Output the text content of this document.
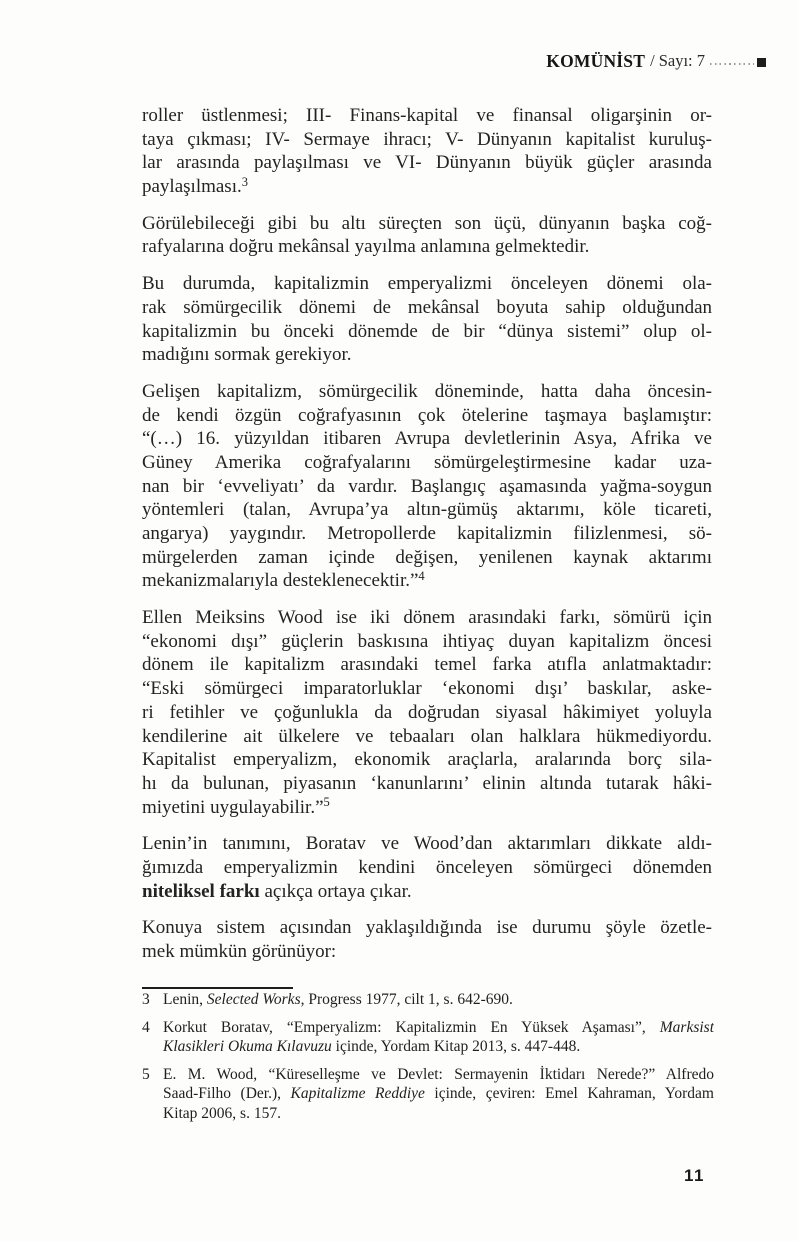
KOMÜNİST / Sayı: 7
roller üstlenmesi; III- Finans-kapital ve finansal oligarşinin or-
taya çıkması; IV- Sermaye ihracı; V- Dünyanın kapitalist kuruluş-
lar arasında paylaşılması ve VI- Dünyanın büyük güçler arasında
paylaşılması.$^3$
Görülebileceği gibi bu altı süreçten son üçü, dünyanın başka coğ-
rafyalarına doğru mekânsal yayılma anlamına gelmektedir.
Bu durumda, kapitalizmin emperyalizmi önceleyen dönemi ola-
rak sömürgecilik dönemi de mekânsal boyuta sahip olduğundan
kapitalizmin bu önceki dönemde de bir “dünya sistemi” olup ol-
madığını sormak gerekiyor.
Gelişen kapitalizm, sömürgecilik döneminde, hatta daha öncesin-
de kendi özgün coğrafyasının çok ötelerine taşmaya başlamıştır:
“(…) 16. yüzyıldan itibaren Avrupa devletlerinin Asya, Afrika ve
Güney Amerika coğrafyalarını sömürgeleştirmesine kadar uza-
nan bir ‘evveliyatı’ da vardır. Başlangıç aşamasında yağma-soygun
yöntemleri (talan, Avrupa’ya altın-gümüş aktarımı, köle ticareti,
angarya) yaygındır. Metropollerde kapitalizmin filizlenmesi, sö-
mürgelerden zaman içinde değişen, yenilenen kaynak aktarımı
mekanizmalarıyla desteklenecektir.”$^4$
Ellen Meiksins Wood ise iki dönem arasındaki farkı, sömürü için
“ekonomi dışı” güçlerin baskısına ihtiyaç duyan kapitalizm öncesi
dönem ile kapitalizm arasındaki temel farka atıfla anlatmaktadır:
“Eski sömürgeci imparatorluklar ‘ekonomi dışı’ baskılar, aske-
ri fetihler ve çoğunlukla da doğrudan siyasal hâkimiyet yoluyla
kendilerine ait ülkelere ve tebaaları olan halklara hükmediyordu.
Kapitalist emperyalizm, ekonomik araçlarla, aralarında borç sila-
hı da bulunan, piyasanın ‘kanunlarını’ elinin altında tutarak hâki-
miyetini uygulayabilir.”$^5$
Lenin’in tanımını, Boratav ve Wood’dan aktarımları dikkate aldı-
ğımızda emperyalizmin kendini önceleyen sömürgeci dönemden
niteliksel farkı açıkça ortaya çıkar.
Konuya sistem açısından yaklaşıldığında ise durumu şöyle özetle-
mek mümkün görünüyor:
3 Lenin, Selected Works, Progress 1977, cilt 1, s. 642-690.
4 Korkut Boratav, “Emperyalizm: Kapitalizmin En Yüksek Aşaması”, Marksist
Klasikleri Okuma Kılavuzu içinde, Yordam Kitap 2013, s. 447-448.
5 E. M. Wood, “Küreselleşme ve Devlet: Sermayenin İktidarı Nerede?” Alfredo
Saad-Filho (Der.), Kapitalizme Reddiye içinde, çeviren: Emel Kahraman, Yordam
Kitap 2006, s. 157.
11
